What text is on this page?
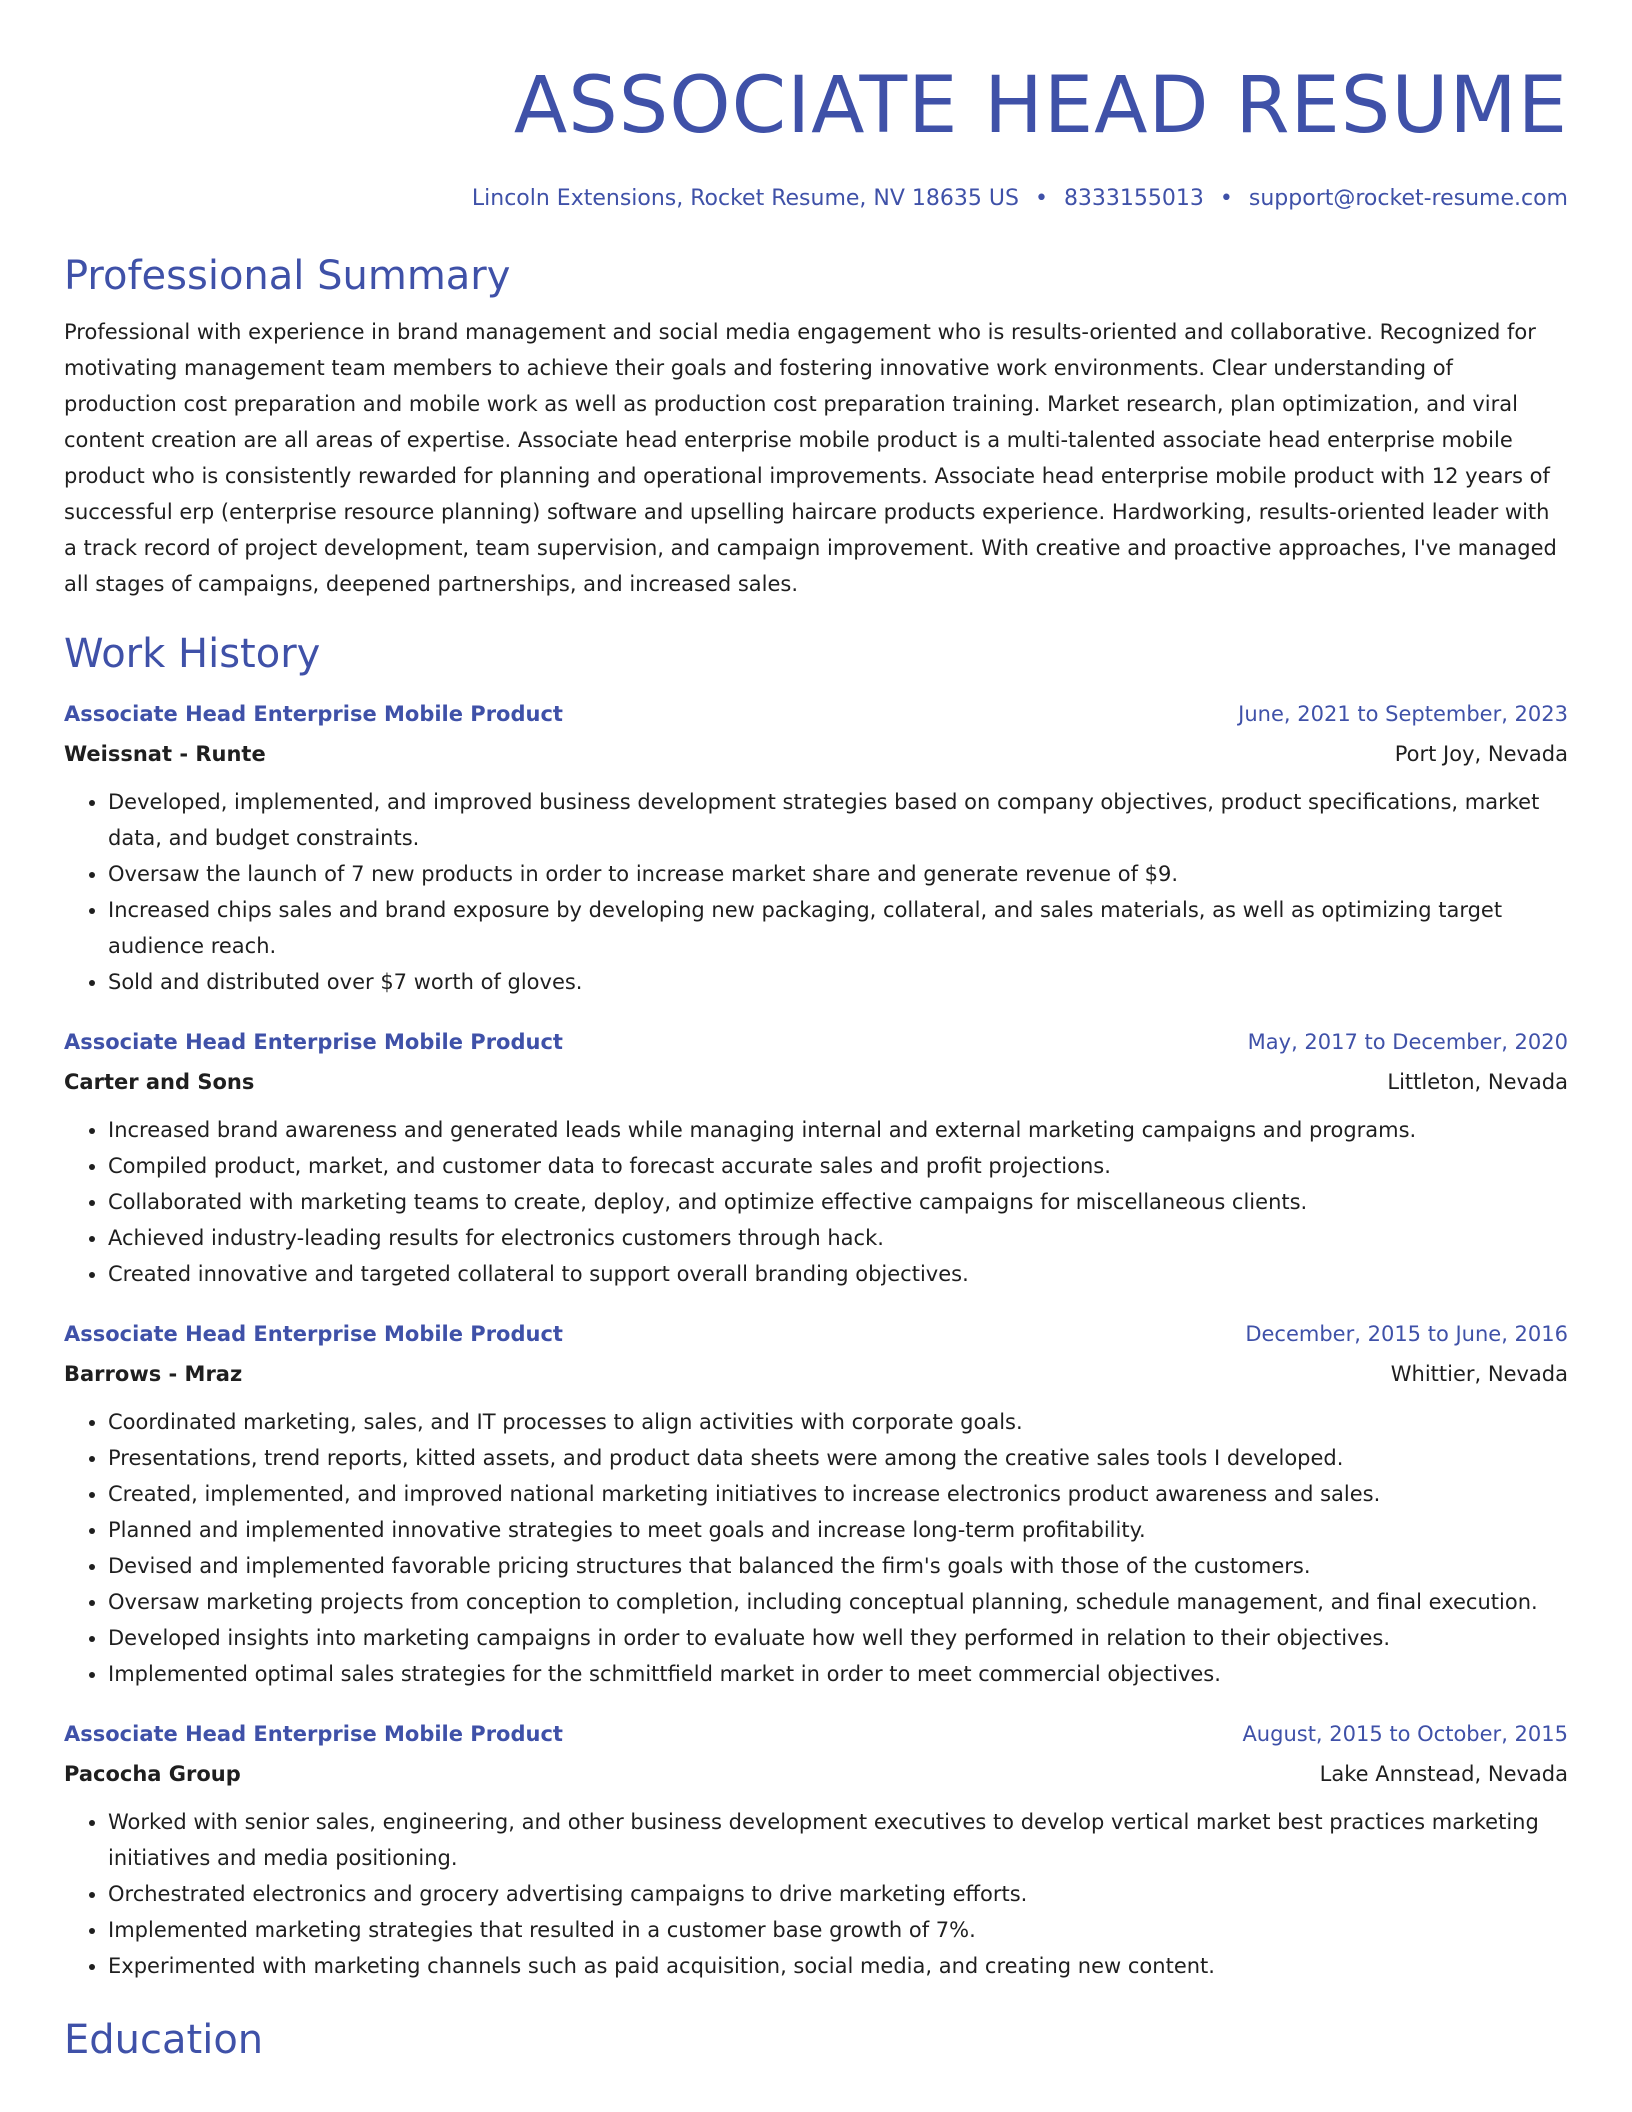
ASSOCIATE HEAD RESUME
Lincoln Extensions, Rocket Resume, NV 18635 US • 8333155013 • support@rocket-resume.com
Professional Summary
Professional with experience in brand management and social media engagement who is results-oriented and collaborative. Recognized for motivating management team members to achieve their goals and fostering innovative work environments. Clear understanding of production cost preparation and mobile work as well as production cost preparation training. Market research, plan optimization, and viral content creation are all areas of expertise. Associate head enterprise mobile product is a multi-talented associate head enterprise mobile product who is consistently rewarded for planning and operational improvements. Associate head enterprise mobile product with 12 years of successful erp (enterprise resource planning) software and upselling haircare products experience. Hardworking, results-oriented leader with a track record of project development, team supervision, and campaign improvement. With creative and proactive approaches, I've managed all stages of campaigns, deepened partnerships, and increased sales.
Work History
Associate Head Enterprise Mobile Product	June, 2021 to September, 2023
Weissnat - Runte	Port Joy, Nevada
• Developed, implemented, and improved business development strategies based on company objectives, product specifications, market data, and budget constraints.
• Oversaw the launch of 7 new products in order to increase market share and generate revenue of $9.
• Increased chips sales and brand exposure by developing new packaging, collateral, and sales materials, as well as optimizing target audience reach.
• Sold and distributed over $7 worth of gloves.
Associate Head Enterprise Mobile Product	May, 2017 to December, 2020
Carter and Sons	Littleton, Nevada
• Increased brand awareness and generated leads while managing internal and external marketing campaigns and programs.
• Compiled product, market, and customer data to forecast accurate sales and profit projections.
• Collaborated with marketing teams to create, deploy, and optimize effective campaigns for miscellaneous clients.
• Achieved industry-leading results for electronics customers through hack.
• Created innovative and targeted collateral to support overall branding objectives.
Associate Head Enterprise Mobile Product	December, 2015 to June, 2016
Barrows - Mraz	Whittier, Nevada
• Coordinated marketing, sales, and IT processes to align activities with corporate goals.
• Presentations, trend reports, kitted assets, and product data sheets were among the creative sales tools I developed.
• Created, implemented, and improved national marketing initiatives to increase electronics product awareness and sales.
• Planned and implemented innovative strategies to meet goals and increase long-term profitability.
• Devised and implemented favorable pricing structures that balanced the firm's goals with those of the customers.
• Oversaw marketing projects from conception to completion, including conceptual planning, schedule management, and final execution.
• Developed insights into marketing campaigns in order to evaluate how well they performed in relation to their objectives.
• Implemented optimal sales strategies for the schmittfield market in order to meet commercial objectives.
Associate Head Enterprise Mobile Product	August, 2015 to October, 2015
Pacocha Group	Lake Annstead, Nevada
• Worked with senior sales, engineering, and other business development executives to develop vertical market best practices marketing initiatives and media positioning.
• Orchestrated electronics and grocery advertising campaigns to drive marketing efforts.
• Implemented marketing strategies that resulted in a customer base growth of 7%.
• Experimented with marketing channels such as paid acquisition, social media, and creating new content.
Education
